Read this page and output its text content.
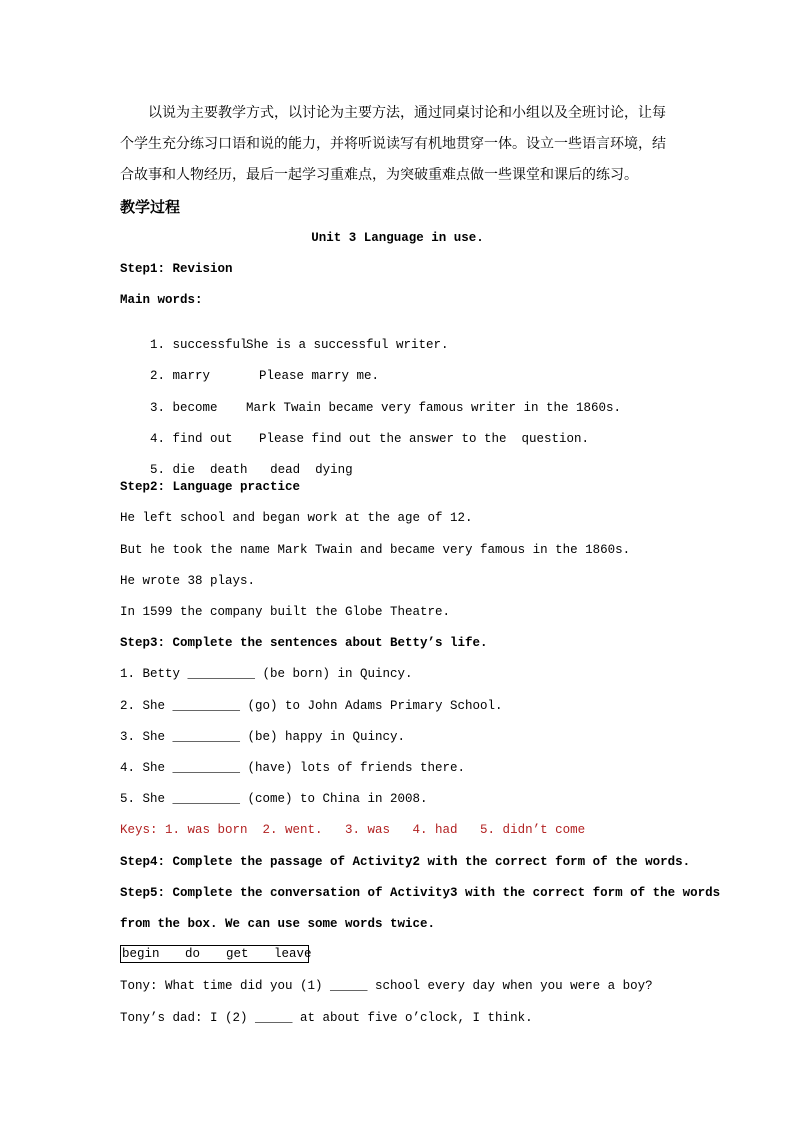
以说为主要教学方式，以讨论为主要方法，通过同桌讨论和小组以及全班讨论，让每个学生充分练习口语和说的能力，并将听说读写有机地贯穿一体。设立一些语言环境，结合故事和人物经历，最后一起学习重难点，为突破重难点做一些课堂和课后的练习。

教学过程
Unit 3 Language in use.
Step1: Revision
Main words:

1. successful
She is a successful writer.

2. marry	Please marry me.

3. become Mark Twain became very famous writer in the 1860s.

4. find out Please find out the answer to the  question.

5. die  death   dead  dying

Step2: Language practice
He left school and began work at the age of 12.
But he took the name Mark Twain and became very famous in the 1860s.
He wrote 38 plays.
In 1599 the company built the Globe Theatre.
Step3: Complete the sentences about Betty’s life.
1. Betty _________ (be born) in Quincy.
2. She _________ (go) to John Adams Primary School.
3. She _________ (be) happy in Quincy.
4. She _________ (have) lots of friends there.
5. She _________ (come) to China in 2008.
Keys: 1. was born  2. went.   3. was   4. had   5. didn’t come
Step4: Complete the passage of Activity2 with the correct form of the words.
Step5: Complete the conversation of Activity3 with the correct form of the words
from the box. We can use some words twice.

begin

do

get

leave

Tony: What time did you (1) _____ school every day when you were a boy?
Tony’s dad: I (2) _____ at about five o’clock, I think.
